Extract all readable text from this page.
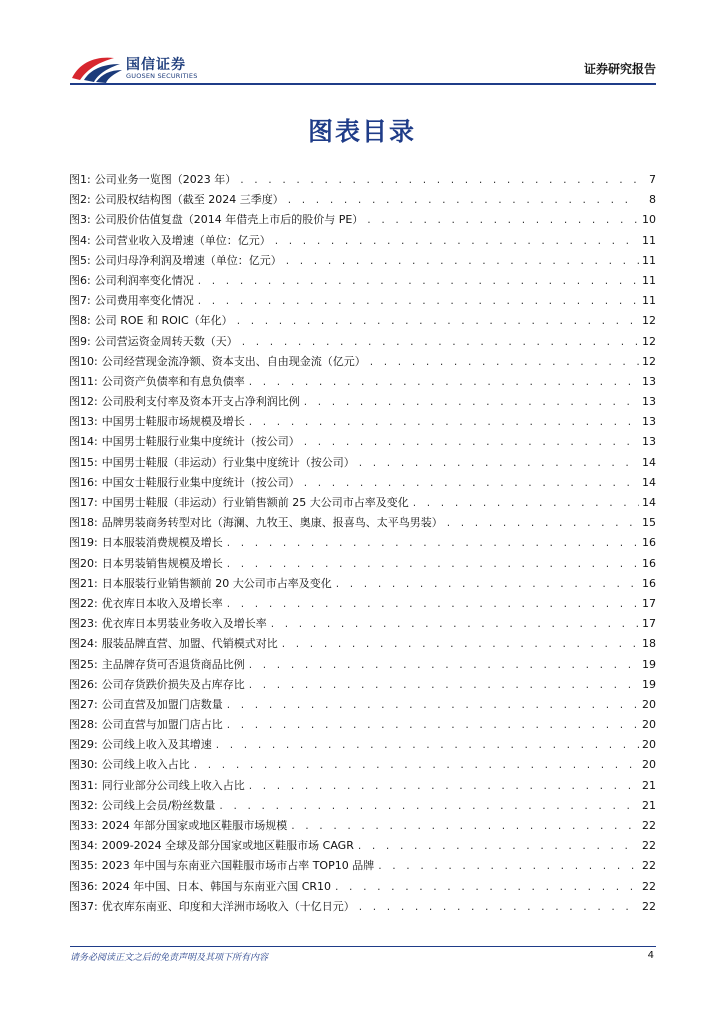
国信证券
GUOSEN SECURITIES	证券研究报告
图表目录
图1: 公司业务一览图（2023 年） . . .	7
图2: 公司股权结构图（截至 2024 三季度） . . .	8
图3: 公司股价估值复盘（2014 年借壳上市后的股价与 PE） . . .	10
图4: 公司营业收入及增速（单位：亿元） . . .	11
图5: 公司归母净利润及增速（单位：亿元） . . .	11
图6: 公司利润率变化情况 . . .	11
图7: 公司费用率变化情况 . . .	11
图8: 公司 ROE 和 ROIC（年化） . . .	12
图9: 公司营运资金周转天数（天） . . .	12
图10: 公司经营现金流净额、资本支出、自由现金流（亿元） . . .	12
图11: 公司资产负债率和有息负债率 . . .	13
图12: 公司股利支付率及资本开支占净利润比例 . . .	13
图13: 中国男士鞋服市场规模及增长 . . .	13
图14: 中国男士鞋服行业集中度统计（按公司） . . .	13
图15: 中国男士鞋服（非运动）行业集中度统计（按公司） . . .	14
图16: 中国女士鞋服行业集中度统计（按公司） . . .	14
图17: 中国男士鞋服（非运动）行业销售额前 25 大公司市占率及变化 . . .	14
图18: 品牌男装商务转型对比（海澜、九牧王、奥康、报喜鸟、太平鸟男装） . . .	15
图19: 日本服装消费规模及增长 . . .	16
图20: 日本男装销售规模及增长 . . .	16
图21: 日本服装行业销售额前 20 大公司市占率及变化 . . .	16
图22: 优衣库日本收入及增长率 . . .	17
图23: 优衣库日本男装业务收入及增长率 . . .	17
图24: 服装品牌直营、加盟、代销模式对比 . . .	18
图25: 主品牌存货可否退货商品比例 . . .	19
图26: 公司存货跌价损失及占库存比 . . .	19
图27: 公司直营及加盟门店数量 . . .	20
图28: 公司直营与加盟门店占比 . . .	20
图29: 公司线上收入及其增速 . . .	20
图30: 公司线上收入占比 . . .	20
图31: 同行业部分公司线上收入占比 . . .	21
图32: 公司线上会员/粉丝数量 . . .	21
图33: 2024 年部分国家或地区鞋服市场规模 . . .	22
图34: 2009-2024 全球及部分国家或地区鞋服市场 CAGR . . .	22
图35: 2023 年中国与东南亚六国鞋服市场市占率 TOP10 品牌 . . .	22
图36: 2024 年中国、日本、韩国与东南亚六国 CR10 . . .	22
图37: 优衣库东南亚、印度和大洋洲市场收入（十亿日元） . . .	22
请务必阅读正文之后的免责声明及其项下所有内容	4
